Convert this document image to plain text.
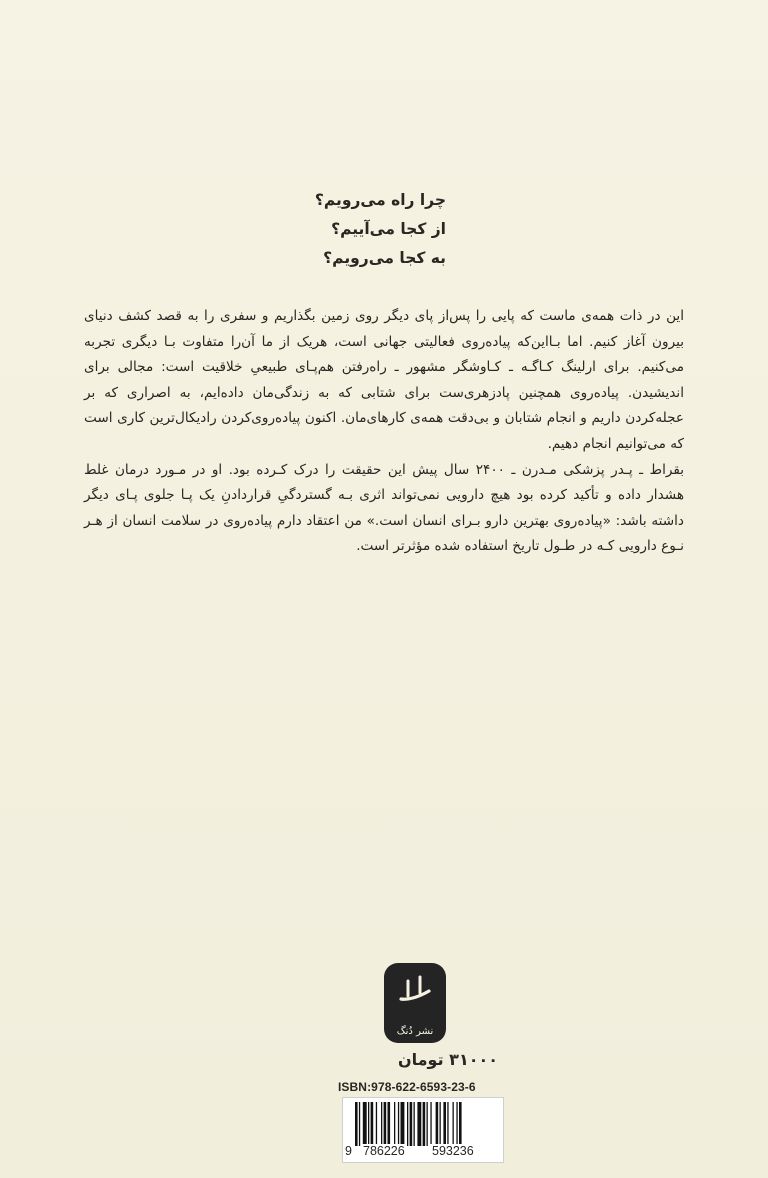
چرا راه می‌رویم؟
از کجا می‌آییم؟
به کجا می‌رویم؟

این در ذات همه‌ی ماست که پایی را پس‌از پای دیگر روی زمین بگذاریم و سفری را به قصد کشف دنیای بیرون آغاز کنیم. اما بـااین‌که پیاده‌روی فعالیتی جهانی است، هریک از ما آن‌را متفاوت بـا دیگری تجربه می‌کنیم. برای ارلینگ کـاگـه ـ کـاوشگر مشهور ـ راه‌رفتن هم‌پـای طبیعیِ خلاقیت است: مجالی برای اندیشیدن. پیاده‌روی همچنین پادزهری‌ست برای شتابی که به زندگی‌مان داده‌ایم، به اصراری که بر عجله‌کردن داریم و انجام شتابان و بی‌دقت همه‌ی کارهای‌مان. اکنون پیاده‌روی‌کردن رادیکال‌ترین کاری است که می‌توانیم انجام دهیم.

بقراط ـ پـدر پزشکی مـدرن ـ ۲۴۰۰ سال پیش این حقیقت را درک کـرده بود. او در مـورد درمان غلط هشدار داده و تأکید کرده بود هیچ دارویی نمی‌تواند اثری بـه گستردگیِ قراردادنِ یک پـا جلوی پـای دیگر داشته باشد: «پیاده‌روی بهترین دارو بـرای انسان است.» من اعتقاد دارم پیاده‌روی در سلامت انسان از هـر نـوع دارویی کـه در طـول تاریخ استفاده شده مؤثرتر است.

نشر دُنگ
۳۱۰۰۰ تومان
ISBN:978-622-6593-23-6
9 786226 593236
